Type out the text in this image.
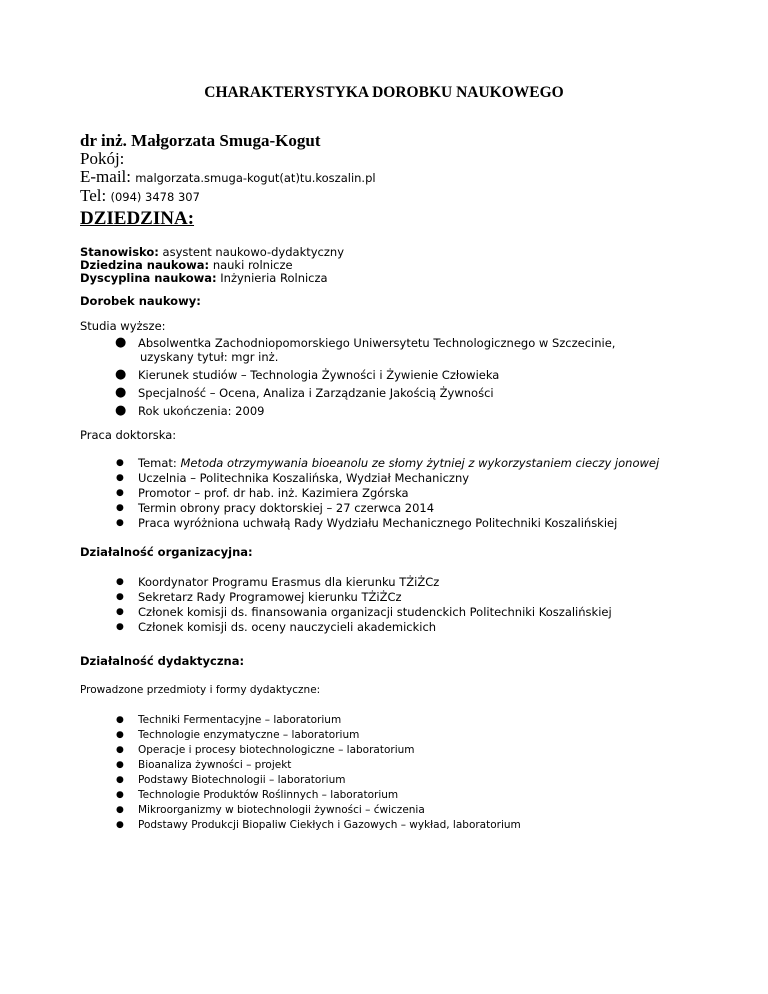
CHARAKTERYSTYKA DOROBKU NAUKOWEGO
dr inż. Małgorzata Smuga-Kogut
Pokój:
E-mail: malgorzata.smuga-kogut(at)tu.koszalin.pl
Tel: (094) 3478 307
DZIEDZINA:
Stanowisko: asystent naukowo-dydaktyczny
Dziedzina naukowa: nauki rolnicze
Dyscyplina naukowa: Inżynieria Rolnicza
Dorobek naukowy:
Studia wyższe:
● Absolwentka Zachodniopomorskiego Uniwersytetu Technologicznego w Szczecinie,
uzyskany tytuł: mgr inż.
● Kierunek studiów – Technologia Żywności i Żywienie Człowieka
● Specjalność – Ocena, Analiza i Zarządzanie Jakością Żywności
● Rok ukończenia: 2009
Praca doktorska:
● Temat: Metoda otrzymywania bioeanolu ze słomy żytniej z wykorzystaniem cieczy jonowej
● Uczelnia – Politechnika Koszalińska, Wydział Mechaniczny
● Promotor – prof. dr hab. inż. Kazimiera Zgórska
● Termin obrony pracy doktorskiej – 27 czerwca 2014
● Praca wyróżniona uchwałą Rady Wydziału Mechanicznego Politechniki Koszalińskiej
Działalność organizacyjna:
● Koordynator Programu Erasmus dla kierunku TŻiŻCz
● Sekretarz Rady Programowej kierunku TŻiŻCz
● Członek komisji ds. finansowania organizacji studenckich Politechniki Koszalińskiej
● Członek komisji ds. oceny nauczycieli akademickich
Działalność dydaktyczna:
Prowadzone przedmioty i formy dydaktyczne:
● Techniki Fermentacyjne – laboratorium
● Technologie enzymatyczne – laboratorium
● Operacje i procesy biotechnologiczne – laboratorium
● Bioanaliza żywności – projekt
● Podstawy Biotechnologii – laboratorium
● Technologie Produktów Roślinnych – laboratorium
● Mikroorganizmy w biotechnologii żywności – ćwiczenia
● Podstawy Produkcji Biopaliw Ciekłych i Gazowych – wykład, laboratorium
